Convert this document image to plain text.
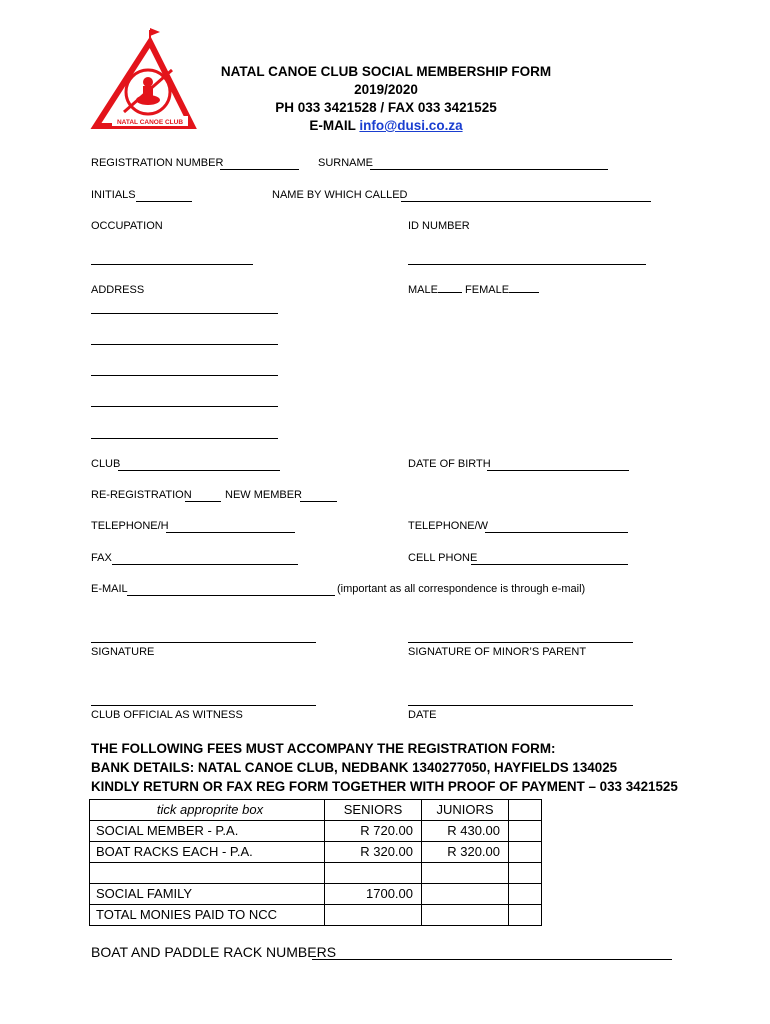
NATAL CANOE CLUB
NATAL CANOE CLUB SOCIAL MEMBERSHIP FORM
2019/2020
PH 033 3421528 / FAX 033 3421525
E-MAIL info@dusi.co.za
REGISTRATION NUMBER	SURNAME
INITIALS	NAME BY WHICH CALLED
OCCUPATION	ID NUMBER
ADDRESS	MALE FEMALE
CLUB	DATE OF BIRTH
RE-REGISTRATION	NEW MEMBER
TELEPHONE/H	TELEPHONE/W
FAX	CELL PHONE
E-MAIL	(important as all correspondence is through e-mail)
SIGNATURE	SIGNATURE OF MINOR’S PARENT
CLUB OFFICIAL AS WITNESS	DATE
THE FOLLOWING FEES MUST ACCOMPANY THE REGISTRATION FORM:
BANK DETAILS: NATAL CANOE CLUB, NEDBANK 1340277050, HAYFIELDS 134025
KINDLY RETURN OR FAX REG FORM TOGETHER WITH PROOF OF PAYMENT – 033 3421525
tick approprite box	SENIORS	JUNIORS	
SOCIAL MEMBER - P.A.	R 720.00	R 430.00	
BOAT RACKS EACH - P.A.	R 320.00	R 320.00	

SOCIAL FAMILY	1700.00		
TOTAL MONIES PAID TO NCC			
BOAT AND PADDLE RACK NUMBERS
